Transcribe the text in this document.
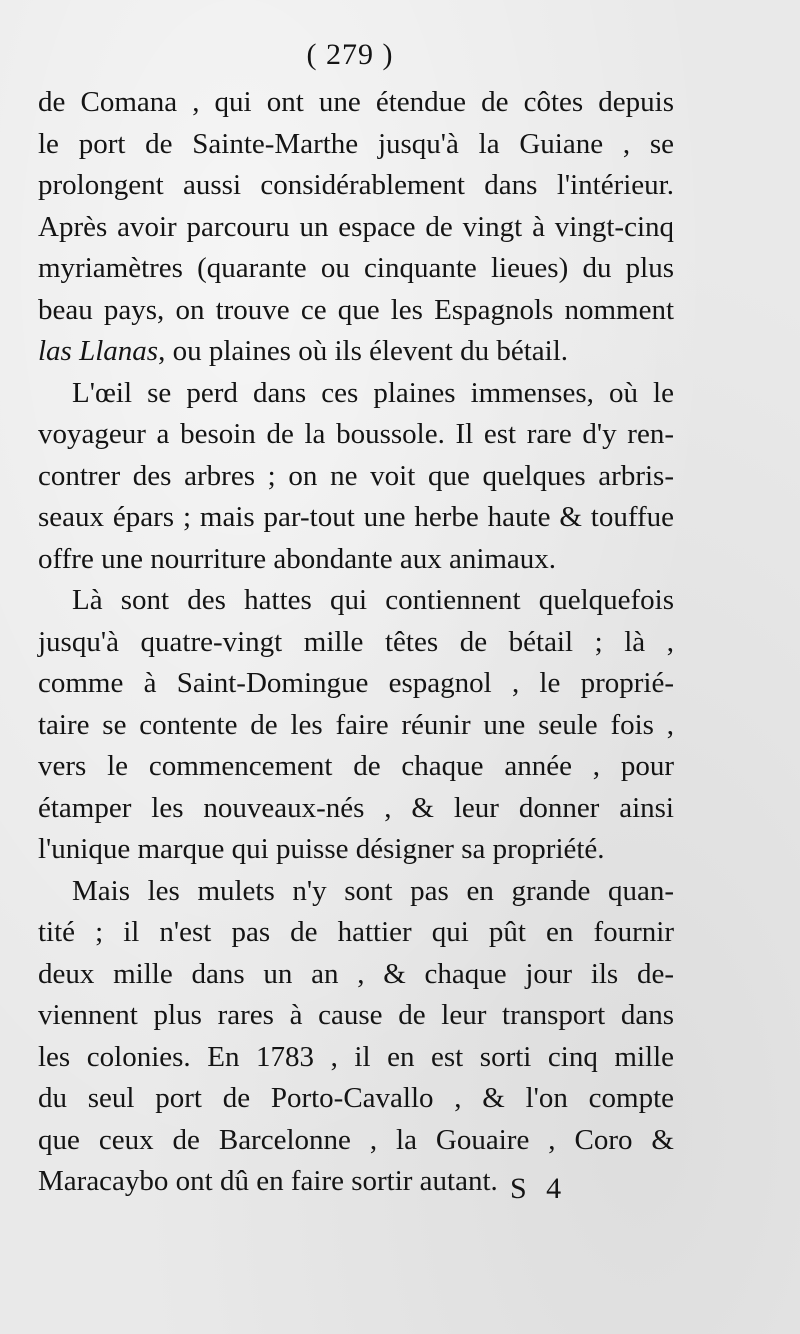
( 279 )
de Comana , qui ont une étendue de côtes depuis
le port de Sainte-Marthe jusqu'à la Guiane , se
prolongent aussi considérablement dans l'intérieur.
Après avoir parcouru un espace de vingt à vingt-cinq
myriamètres (quarante ou cinquante lieues) du plus
beau pays, on trouve ce que les Espagnols nomment
las Llanas, ou plaines où ils élevent du bétail.
L'œil se perd dans ces plaines immenses, où le
voyageur a besoin de la boussole. Il est rare d'y ren-
contrer des arbres ; on ne voit que quelques arbris-
seaux épars ; mais par-tout une herbe haute & touffue
offre une nourriture abondante aux animaux.
Là sont des hattes qui contiennent quelquefois
jusqu'à quatre-vingt mille têtes de bétail ; là ,
comme à Saint-Domingue espagnol , le proprié-
taire se contente de les faire réunir une seule fois ,
vers le commencement de chaque année , pour
étamper les nouveaux-nés , & leur donner ainsi
l'unique marque qui puisse désigner sa propriété.
Mais les mulets n'y sont pas en grande quan-
tité ; il n'est pas de hattier qui pût en fournir
deux mille dans un an , & chaque jour ils de-
viennent plus rares à cause de leur transport dans
les colonies. En 1783 , il en est sorti cinq mille
du seul port de Porto-Cavallo , & l'on compte
que ceux de Barcelonne , la Gouaire , Coro &
Maracaybo ont dû en faire sortir autant. S 4
